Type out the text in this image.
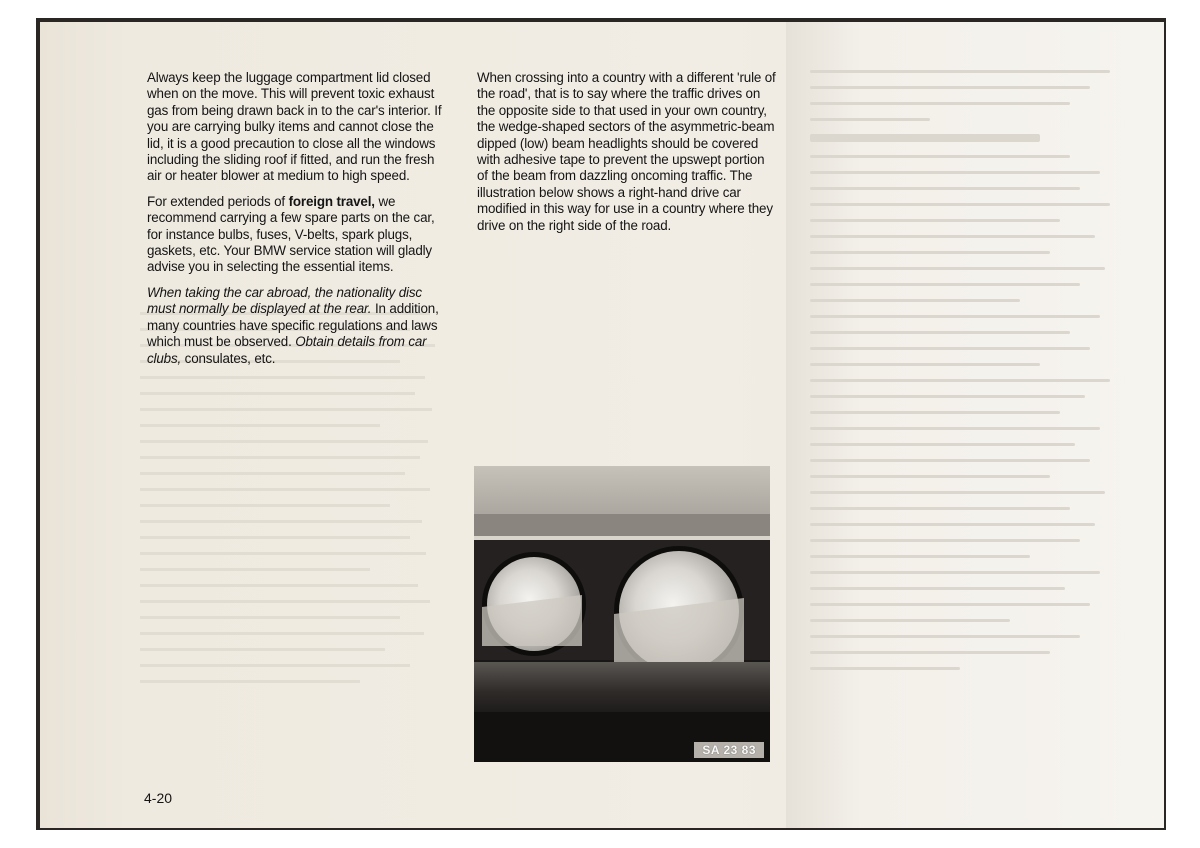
Always keep the luggage compartment lid closed when on the move. This will prevent toxic exhaust gas from being drawn back in to the car's interior. If you are carrying bulky items and cannot close the lid, it is a good precaution to close all the windows including the sliding roof if fitted, and run the fresh air or heater blower at medium to high speed.

For extended periods of foreign travel, we recommend carrying a few spare parts on the car, for instance bulbs, fuses, V-belts, spark plugs, gaskets, etc. Your BMW service station will gladly advise you in selecting the essential items.

When taking the car abroad, the nationality disc must normally be displayed at the rear. In addition, many countries have specific regulations and laws which must be observed. Obtain details from car clubs, consulates, etc.

When crossing into a country with a different 'rule of the road', that is to say where the traffic drives on the opposite side to that used in your own country, the wedge-shaped sectors of the asymmetric-beam dipped (low) beam headlights should be covered with adhesive tape to prevent the upswept portion of the beam from dazzling oncoming traffic. The illustration below shows a right-hand drive car modified in this way for use in a country where they drive on the right side of the road.

SA 23 83
4-20
